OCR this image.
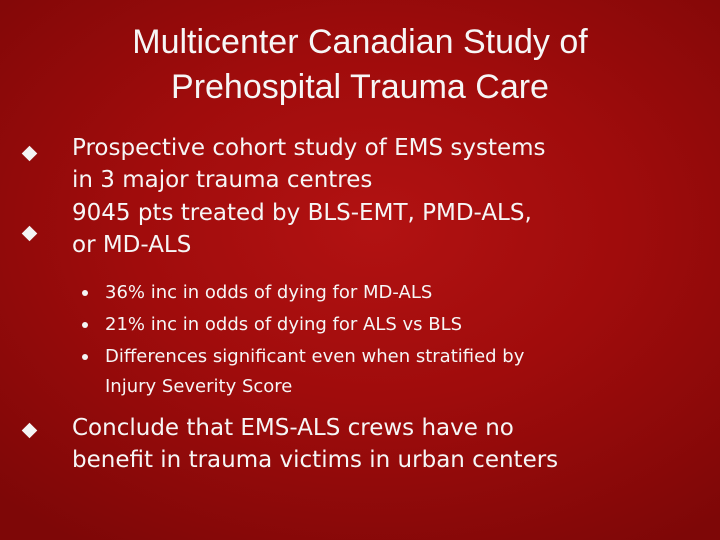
Multicenter Canadian Study of
Prehospital Trauma Care
Prospective cohort study of EMS systems
in 3 major trauma centres
9045 pts treated by BLS-EMT, PMD-ALS,
or MD-ALS
36% inc in odds of dying for MD-ALS
21% inc in odds of dying for ALS vs BLS
Differences significant even when stratified by
Injury Severity Score
Conclude that EMS-ALS crews have no
benefit in trauma victims in urban centers
